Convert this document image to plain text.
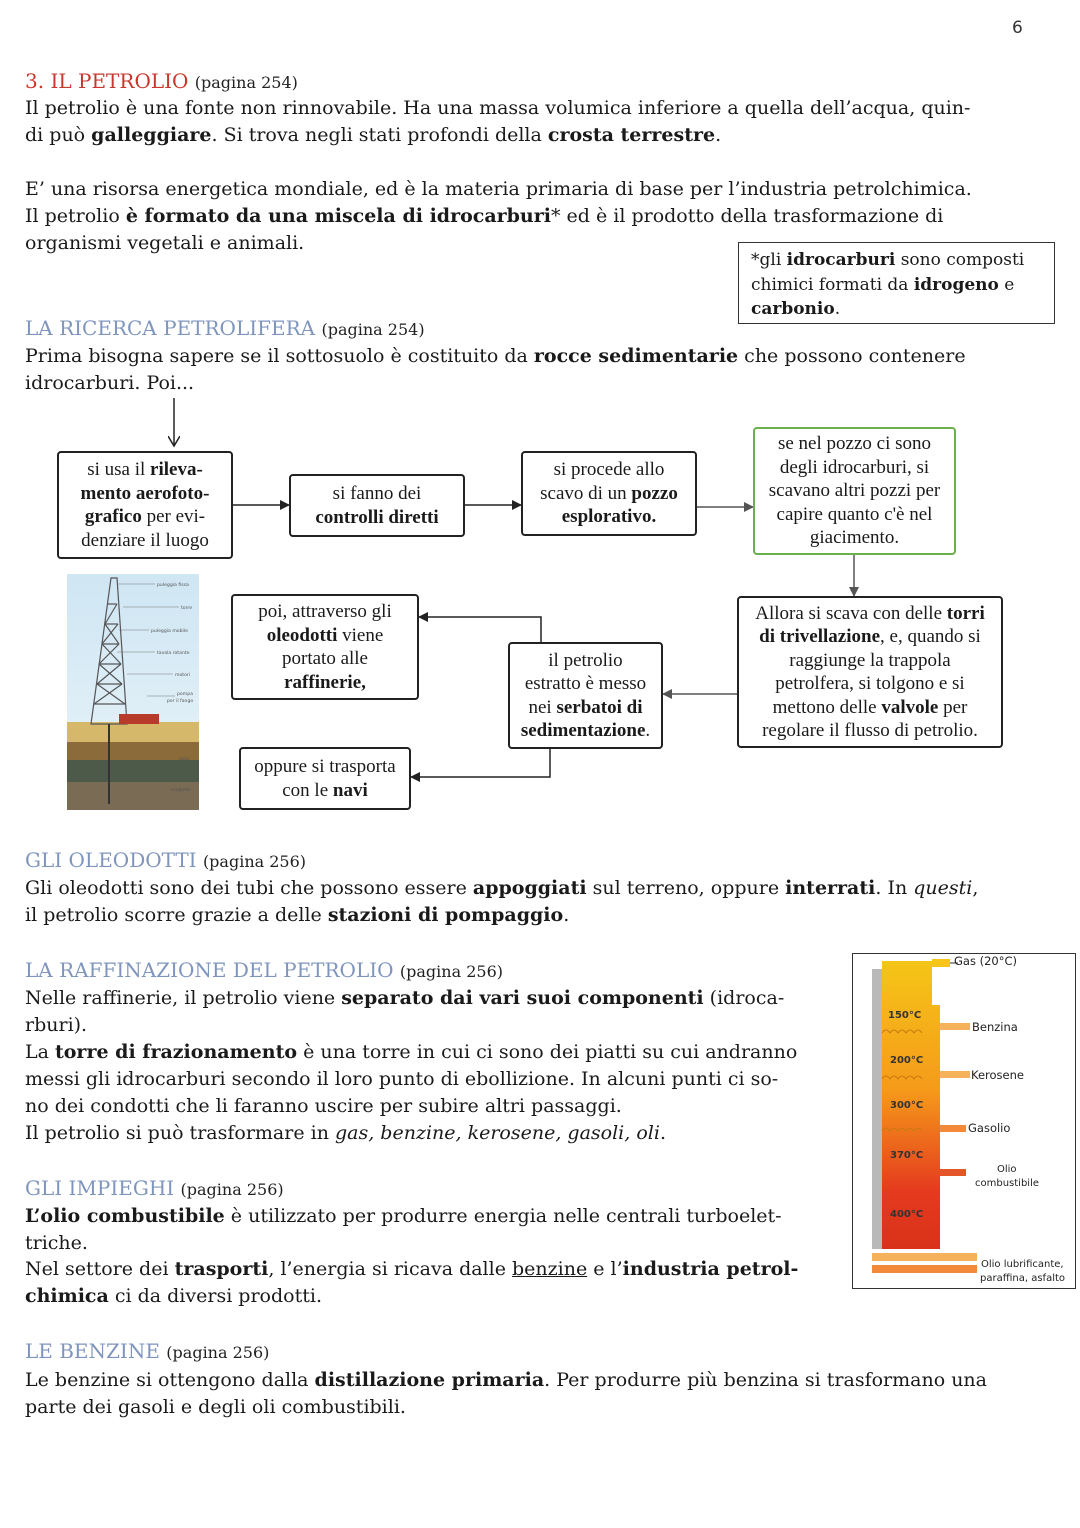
6
3. IL PETROLIO (pagina 254)

Il petrolio è una fonte non rinnovabile. Ha una massa volumica inferiore a quella dell’acqua, quin-

di può galleggiare. Si trova negli stati profondi della crosta terrestre.

E’ una risorsa energetica mondiale, ed è la materia primaria di base per l’industria petrolchimica.

Il petrolio è formato da una miscela di idrocarburi* ed è il prodotto della trasformazione di

organismi vegetali e animali.

*gli idrocarburi sono composti chimici formati da idrogeno e carbonio.
LA RICERCA PETROLIFERA (pagina 254)

Prima bisogna sapere se il sottosuolo è costituito da rocce sedimentarie che possono contenere

idrocarburi. Poi...

si usa il rileva-
mento aerofoto-
grafico per evi-
denziare il luogo
si fanno dei
controlli diretti
si procede allo
scavo di un pozzo
esplorativo.
se nel pozzo ci sono
degli idrocarburi, si
scavano altri pozzi per
capire quanto c'è nel
giacimento.
Allora si scava con delle torri
di trivellazione, e, quando si
raggiunge la trappola
petrolfera, si tolgono e si
mettono delle valvole per
regolare il flusso di petrolio.
il petrolio
estratto è messo
nei serbatoi di
sedimentazione.
poi, attraverso gli
oleodotti viene
portato alle
raffinerie,
oppure si trasporta
con le navi
puleggia fissa
torre
puleggia mobile
tavola rotante
motori
pompa
per il fango
asta
scalpello
GLI OLEODOTTI (pagina 256)

Gli oleodotti sono dei tubi che possono essere appoggiati sul terreno, oppure interrati. In questi,

il petrolio scorre grazie a delle stazioni di pompaggio.

LA RAFFINAZIONE DEL PETROLIO (pagina 256)

Nelle raffinerie, il petrolio viene separato dai vari suoi componenti (idroca-

rburi).

La torre di frazionamento è una torre in cui ci sono dei piatti su cui andranno

messi gli idrocarburi secondo il loro punto di ebollizione. In alcuni punti ci so-

no dei condotti che li faranno uscire per subire altri passaggi.

Il petrolio si può trasformare in gas, benzine, kerosene, gasoli, oli.

150°C
200°C
300°C
370°C
400°C
Gas (20°C)
Benzina
Kerosene
Gasolio
Olio
combustibile
Olio lubrificante,
paraffina, asfalto
GLI IMPIEGHI (pagina 256)

L’olio combustibile è utilizzato per produrre energia nelle centrali turboelet-

triche.

Nel settore dei trasporti, l’energia si ricava dalle benzine e l’industria petrol-

chimica ci da diversi prodotti.

LE BENZINE (pagina 256)

Le benzine si ottengono dalla distillazione primaria. Per produrre più benzina si trasformano una

parte dei gasoli e degli oli combustibili.
